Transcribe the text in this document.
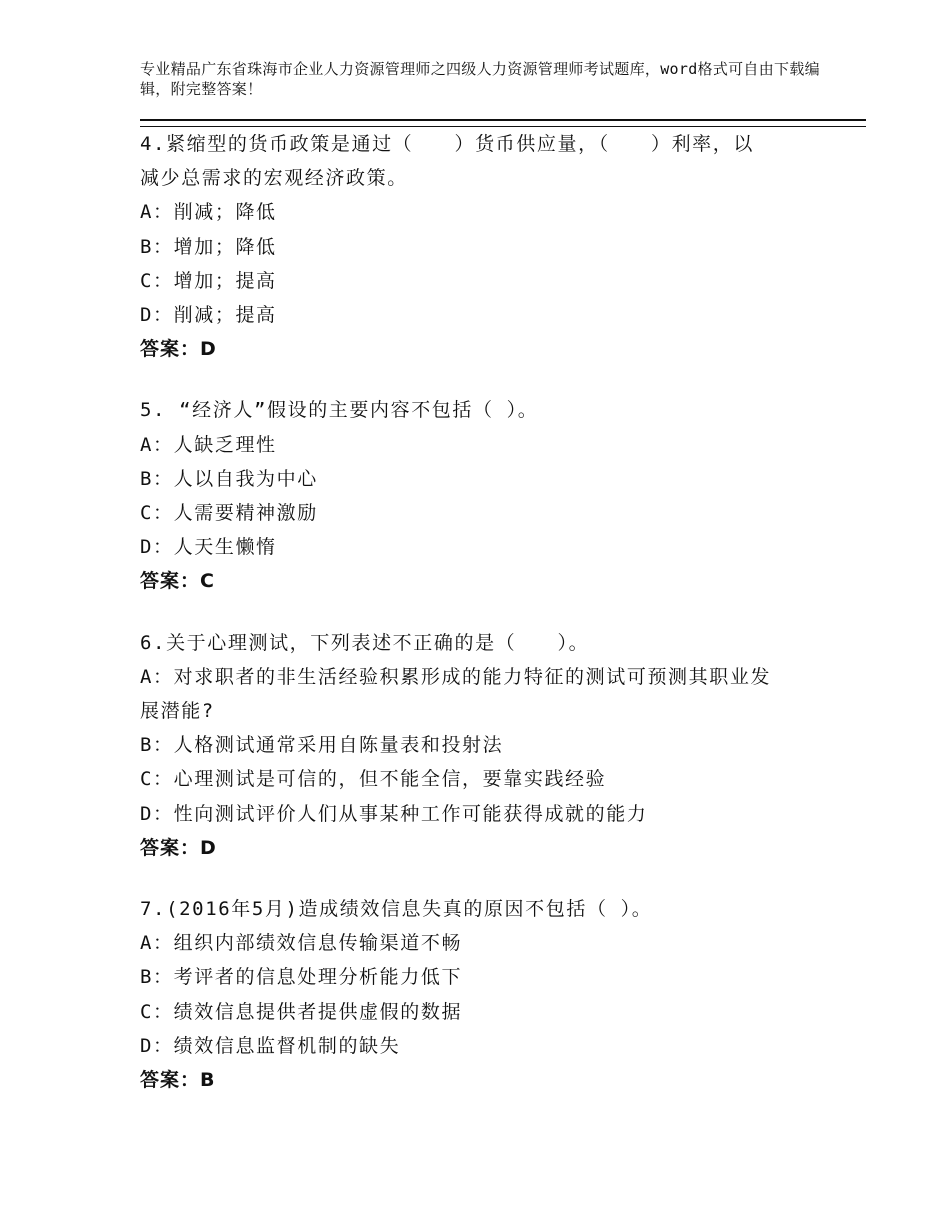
专业精品广东省珠海市企业人力资源管理师之四级人力资源管理师考试题库，word格式可自由下载编辑，附完整答案！
4.紧缩型的货币政策是通过（　　）货币供应量，（　　）利率，以
减少总需求的宏观经济政策。
A：削减；降低
B：增加；降低
C：增加；提高
D：削减；提高
答案：D
5. “经济人”假设的主要内容不包括（ ）。
A：人缺乏理性
B：人以自我为中心
C：人需要精神激励
D：人天生懒惰
答案：C
6.关于心理测试，下列表述不正确的是（　　）。
A：对求职者的非生活经验积累形成的能力特征的测试可预测其职业发
展潜能?
B：人格测试通常采用自陈量表和投射法
C：心理测试是可信的，但不能全信，要靠实践经验
D：性向测试评价人们从事某种工作可能获得成就的能力
答案：D
7.(2016年5月)造成绩效信息失真的原因不包括（ ）。
A：组织内部绩效信息传输渠道不畅
B：考评者的信息处理分析能力低下
C：绩效信息提供者提供虚假的数据
D：绩效信息监督机制的缺失
答案：B
